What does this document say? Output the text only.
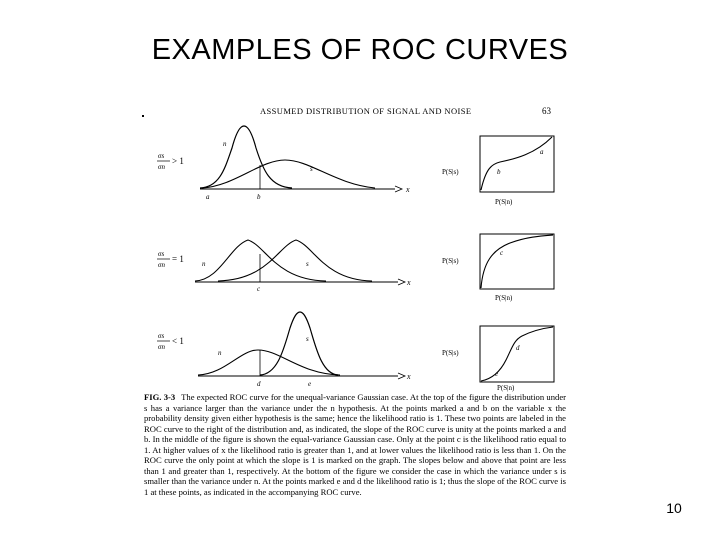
EXAMPLES OF ROC CURVES
ASSUMED DISTRIBUTION OF SIGNAL AND NOISE	63
σs
σn
> 1
x
n
s
a	b
P(S|s)
a
b
P(S|n)
σs
σn
= 1
x
n	s
c
P(S|s)
c
P(S|n)
σs
σn
< 1
x
n
s
d	e
P(S|s)
d
e
P(S|n)
FIG. 3-3 The expected ROC curve for the unequal-variance Gaussian case. At the top of the figure the distribution under s has a variance larger than the variance under the n hypothesis. At the points marked a and b on the variable x the probability density given either hypothesis is the same; hence the likelihood ratio is 1. These two points are labeled in the ROC curve to the right of the distribution and, as indicated, the slope of the ROC curve is unity at the points marked a and b. In the middle of the figure is shown the equal-variance Gaussian case. Only at the point c is the likelihood ratio equal to 1. At higher values of x the likelihood ratio is greater than 1, and at lower values the likelihood ratio is less than 1. On the ROC curve the only point at which the slope is 1 is marked on the graph. The slopes below and above that point are less than 1 and greater than 1, respectively. At the bottom of the figure we consider the case in which the variance under s is smaller than the variance under n. At the points marked e and d the likelihood ratio is 1; thus the slope of the ROC curve is 1 at these points, as indicated in the accompanying ROC curve.
10
